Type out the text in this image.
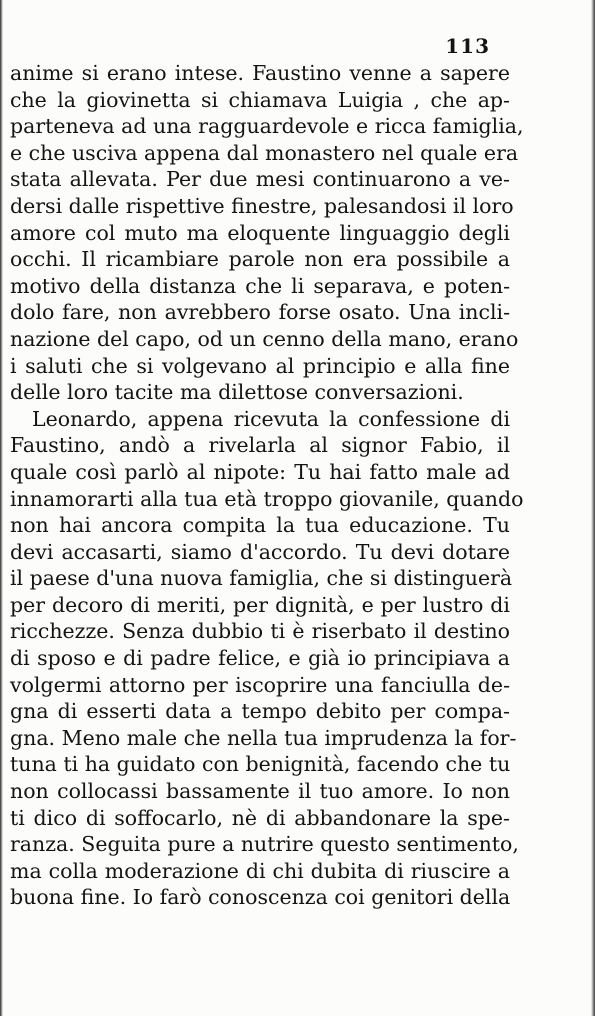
113
anime si erano intese. Faustino venne a sapere
che la giovinetta si chiamava Luigia , che ap-
parteneva ad una ragguardevole e ricca famiglia,
e che usciva appena dal monastero nel quale era
stata allevata. Per due mesi continuarono a ve-
dersi dalle rispettive finestre, palesandosi il loro
amore col muto ma eloquente linguaggio degli
occhi. Il ricambiare parole non era possibile a
motivo della distanza che li separava, e poten-
dolo fare, non avrebbero forse osato. Una incli-
nazione del capo, od un cenno della mano, erano
i saluti che si volgevano al principio e alla fine
delle loro tacite ma dilettose conversazioni.
Leonardo, appena ricevuta la confessione di
Faustino, andò a rivelarla al signor Fabio, il
quale così parlò al nipote: Tu hai fatto male ad
innamorarti alla tua età troppo giovanile, quando
non hai ancora compita la tua educazione. Tu
devi accasarti, siamo d'accordo. Tu devi dotare
il paese d'una nuova famiglia, che si distinguerà
per decoro di meriti, per dignità, e per lustro di
ricchezze. Senza dubbio ti è riserbato il destino
di sposo e di padre felice, e già io principiava a
volgermi attorno per iscoprire una fanciulla de-
gna di esserti data a tempo debito per compa-
gna. Meno male che nella tua imprudenza la for-
tuna ti ha guidato con benignità, facendo che tu
non collocassi bassamente il tuo amore. Io non
ti dico di soffocarlo, nè di abbandonare la spe-
ranza. Seguita pure a nutrire questo sentimento,
ma colla moderazione di chi dubita di riuscire a
buona fine. Io farò conoscenza coi genitori della
